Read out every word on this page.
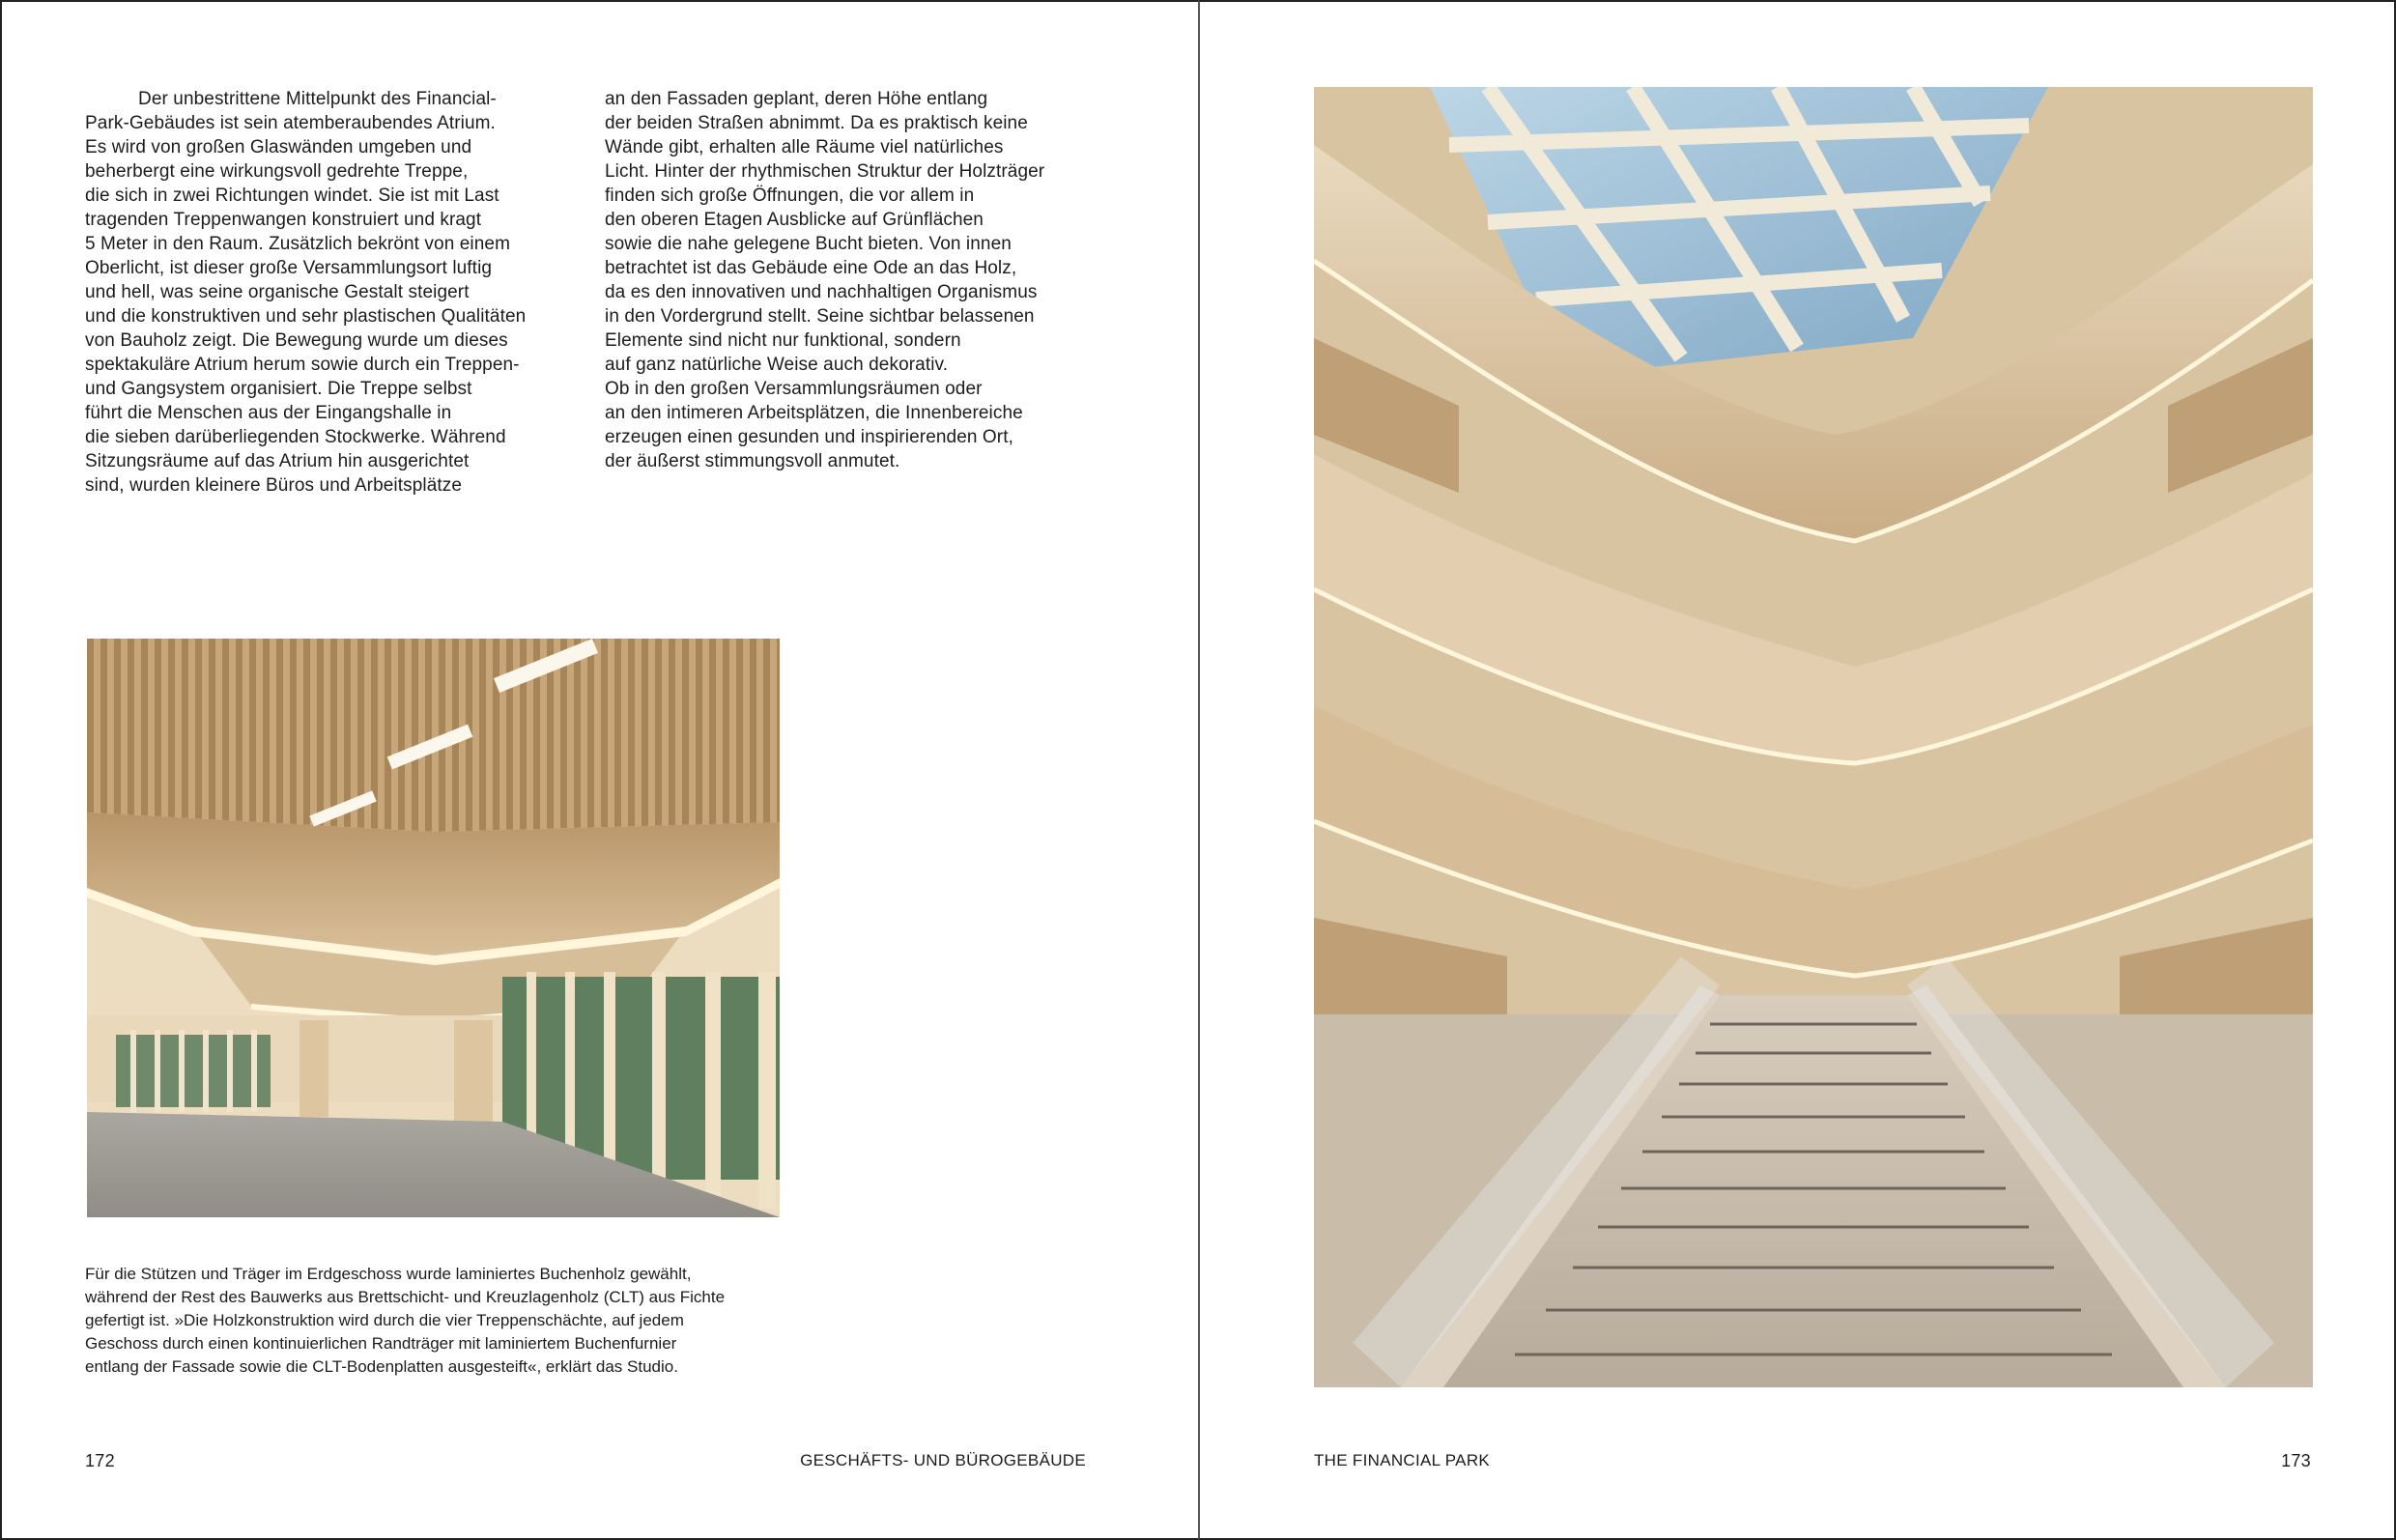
Der unbestrittene Mittelpunkt des Financial-

Park-Gebäudes ist sein atemberaubendes Atrium.

Es wird von großen Glaswänden umgeben und

beherbergt eine wirkungsvoll gedrehte Treppe,

die sich in zwei Richtungen windet. Sie ist mit Last

tragenden Treppenwangen konstruiert und kragt

5 Meter in den Raum. Zusätzlich bekrönt von einem

Oberlicht, ist dieser große Versammlungsort luftig

und hell, was seine organische Gestalt steigert

und die konstruktiven und sehr plastischen Qualitäten

von Bauholz zeigt. Die Bewegung wurde um dieses

spektakuläre Atrium herum sowie durch ein Treppen-

und Gangsystem organisiert. Die Treppe selbst

führt die Menschen aus der Eingangshalle in

die sieben darüberliegenden Stockwerke. Während

Sitzungsräume auf das Atrium hin ausgerichtet

sind, wurden kleinere Büros und Arbeitsplätze

an den Fassaden geplant, deren Höhe entlang

der beiden Straßen abnimmt. Da es praktisch keine

Wände gibt, erhalten alle Räume viel natürliches

Licht. Hinter der rhythmischen Struktur der Holzträger

finden sich große Öffnungen, die vor allem in

den oberen Etagen Ausblicke auf Grünflächen

sowie die nahe gelegene Bucht bieten. Von innen

betrachtet ist das Gebäude eine Ode an das Holz,

da es den innovativen und nachhaltigen Organismus

in den Vordergrund stellt. Seine sichtbar belassenen

Elemente sind nicht nur funktional, sondern

auf ganz natürliche Weise auch dekorativ.

Ob in den großen Versammlungsräumen oder

an den intimeren Arbeitsplätzen, die Innenbereiche

erzeugen einen gesunden und inspirierenden Ort,

der äußerst stimmungsvoll anmutet.

Für die Stützen und Träger im Erdgeschoss wurde laminiertes Buchenholz gewählt,
während der Rest des Bauwerks aus Brettschicht- und Kreuzlagenholz (CLT) aus Fichte
gefertigt ist. »Die Holzkonstruktion wird durch die vier Treppenschächte, auf jedem
Geschoss durch einen kontinuierlichen Randträger mit laminiertem Buchenfurnier
entlang der Fassade sowie die CLT-Bodenplatten ausgesteift«, erklärt das Studio.
172	GESCHÄFTS- UND BÜROGEBÄUDE	THE FINANCIAL PARK	173
